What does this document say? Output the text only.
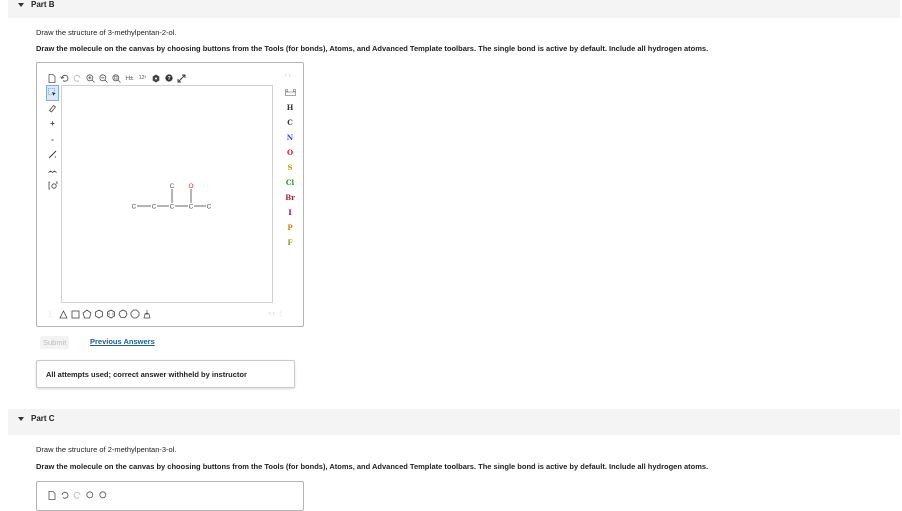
Part B
Draw the structure of 3-methylpentan-2-ol.
Draw the molecule on the canvas by choosing buttons from the Tools (for bonds), Atoms, and Advanced Template toolbars. The single bond is active by default. Include all hydrogen atoms.
H±	12³	?	‹ ›
+
-
C C C C C
C O
H
C
N
O
S
Cl
Br
I
P
F
⋮	‹ ›  ⋮
Submit	Previous Answers
All attempts used; correct answer withheld by instructor
Part C
Draw the structure of 2-methylpentan-3-ol.
Draw the molecule on the canvas by choosing buttons from the Tools (for bonds), Atoms, and Advanced Template toolbars. The single bond is active by default. Include all hydrogen atoms.
